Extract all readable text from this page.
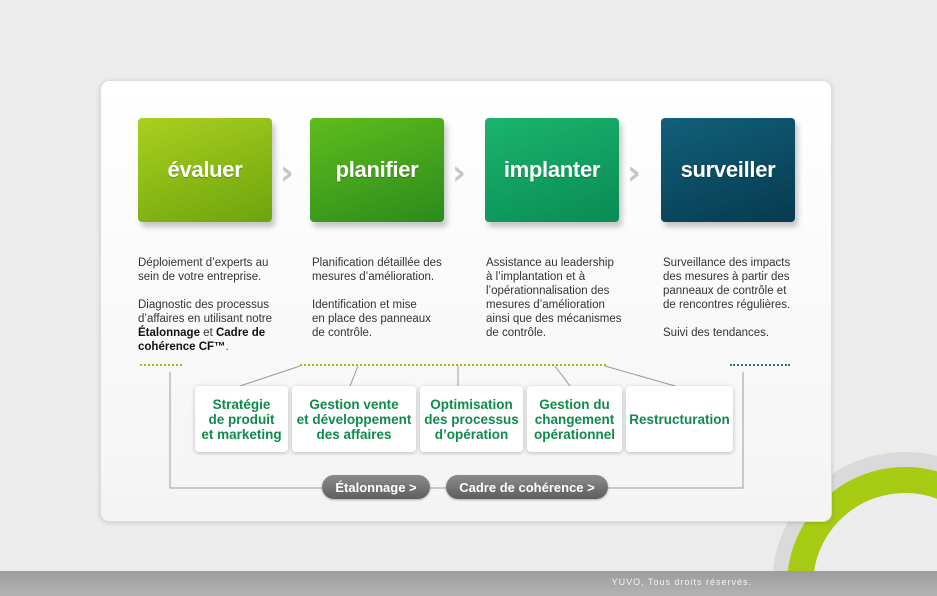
évaluer › planifier › implanter › surveiller

Déploiement d’experts au
sein de votre entreprise.

Diagnostic des processus
d’affaires en utilisant notre
Étalonnage et Cadre de
cohérence CF™.

Planification détaillée des
mesures d’amélioration.

Identification et mise
en place des panneaux
de contrôle.

Assistance au leadership
à l’implantation et à
l’opérationnalisation des
mesures d’amélioration
ainsi que des mécanismes
de contrôle.

Surveillance des impacts
des mesures à partir des
panneaux de contrôle et
de rencontres régulières.

Suivi des tendances.

Stratégie
de produit
et marketing
Gestion vente
et développement
des affaires
Optimisation
des processus
d’opération
Gestion du
changement
opérationnel
Restructuration
Étalonnage >	Cadre de cohérence >
YUVO, Tous droits réservés.
